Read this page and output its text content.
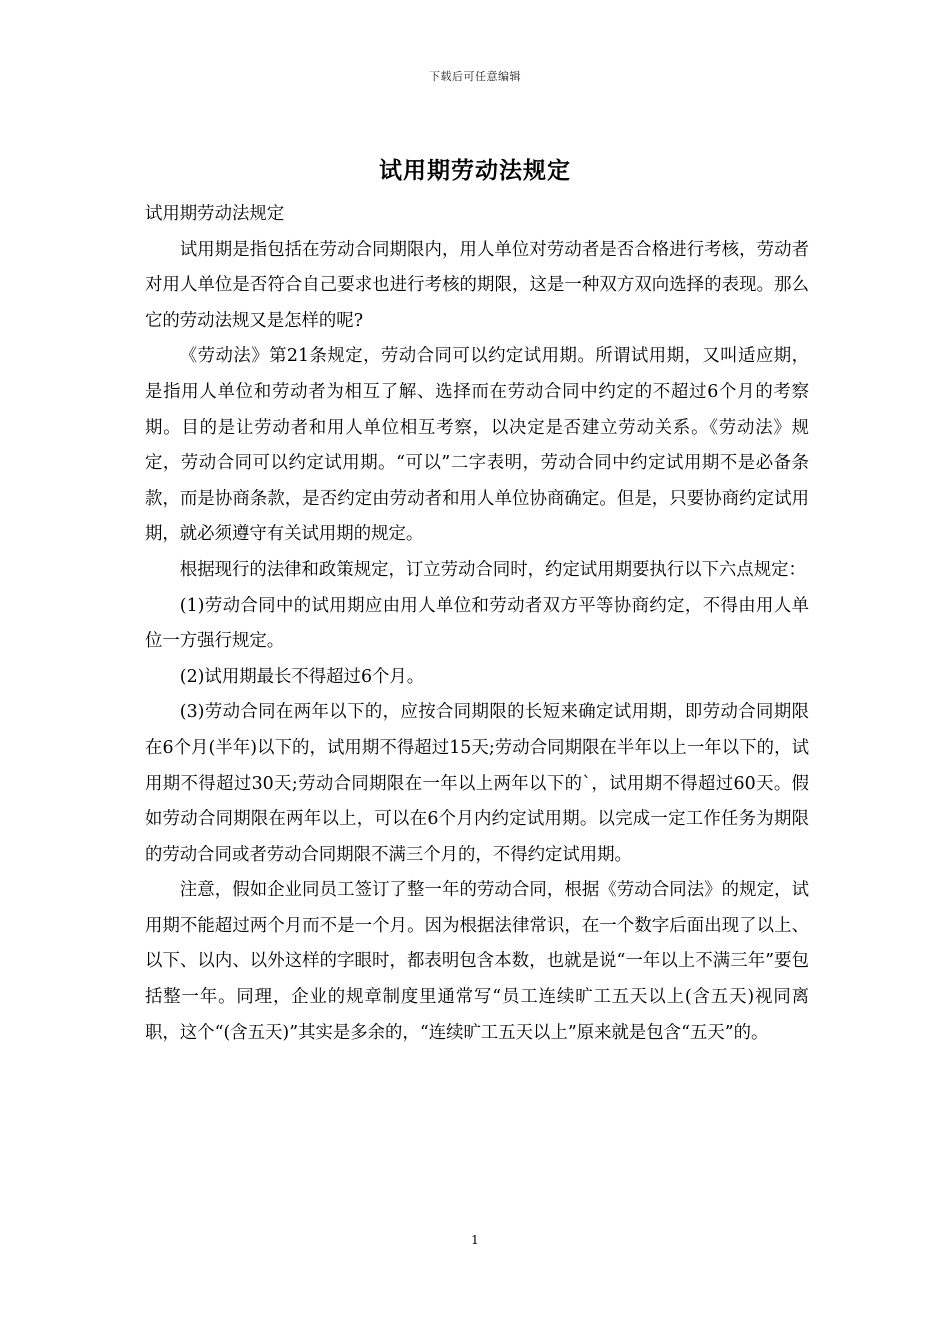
下载后可任意编辑
试用期劳动法规定

试用期劳动法规定

试用期是指包括在劳动合同期限内，用人单位对劳动者是否合格进行考核，劳动者对用人单位是否符合自己要求也进行考核的期限，这是一种双方双向选择的表现。那么它的劳动法规又是怎样的呢?

《劳动法》第21条规定，劳动合同可以约定试用期。所谓试用期，又叫适应期，是指用人单位和劳动者为相互了解、选择而在劳动合同中约定的不超过6个月的考察期。目的是让劳动者和用人单位相互考察，以决定是否建立劳动关系。《劳动法》规定，劳动合同可以约定试用期。“可以”二字表明，劳动合同中约定试用期不是必备条款，而是协商条款，是否约定由劳动者和用人单位协商确定。但是，只要协商约定试用期，就必须遵守有关试用期的规定。

根据现行的法律和政策规定，订立劳动合同时，约定试用期要执行以下六点规定：

(1)劳动合同中的试用期应由用人单位和劳动者双方平等协商约定，不得由用人单位一方强行规定。

(2)试用期最长不得超过6个月。

(3)劳动合同在两年以下的，应按合同期限的长短来确定试用期，即劳动合同期限在6个月(半年)以下的，试用期不得超过15天;劳动合同期限在半年以上一年以下的，试用期不得超过30天;劳动合同期限在一年以上两年以下的`，试用期不得超过60天。假如劳动合同期限在两年以上，可以在6个月内约定试用期。以完成一定工作任务为期限的劳动合同或者劳动合同期限不满三个月的，不得约定试用期。

注意，假如企业同员工签订了整一年的劳动合同，根据《劳动合同法》的规定，试用期不能超过两个月而不是一个月。因为根据法律常识，在一个数字后面出现了以上、以下、以内、以外这样的字眼时，都表明包含本数，也就是说“一年以上不满三年”要包括整一年。同理，企业的规章制度里通常写“员工连续旷工五天以上(含五天)视同离职，这个“(含五天)”其实是多余的，“连续旷工五天以上”原来就是包含“五天”的。

1
